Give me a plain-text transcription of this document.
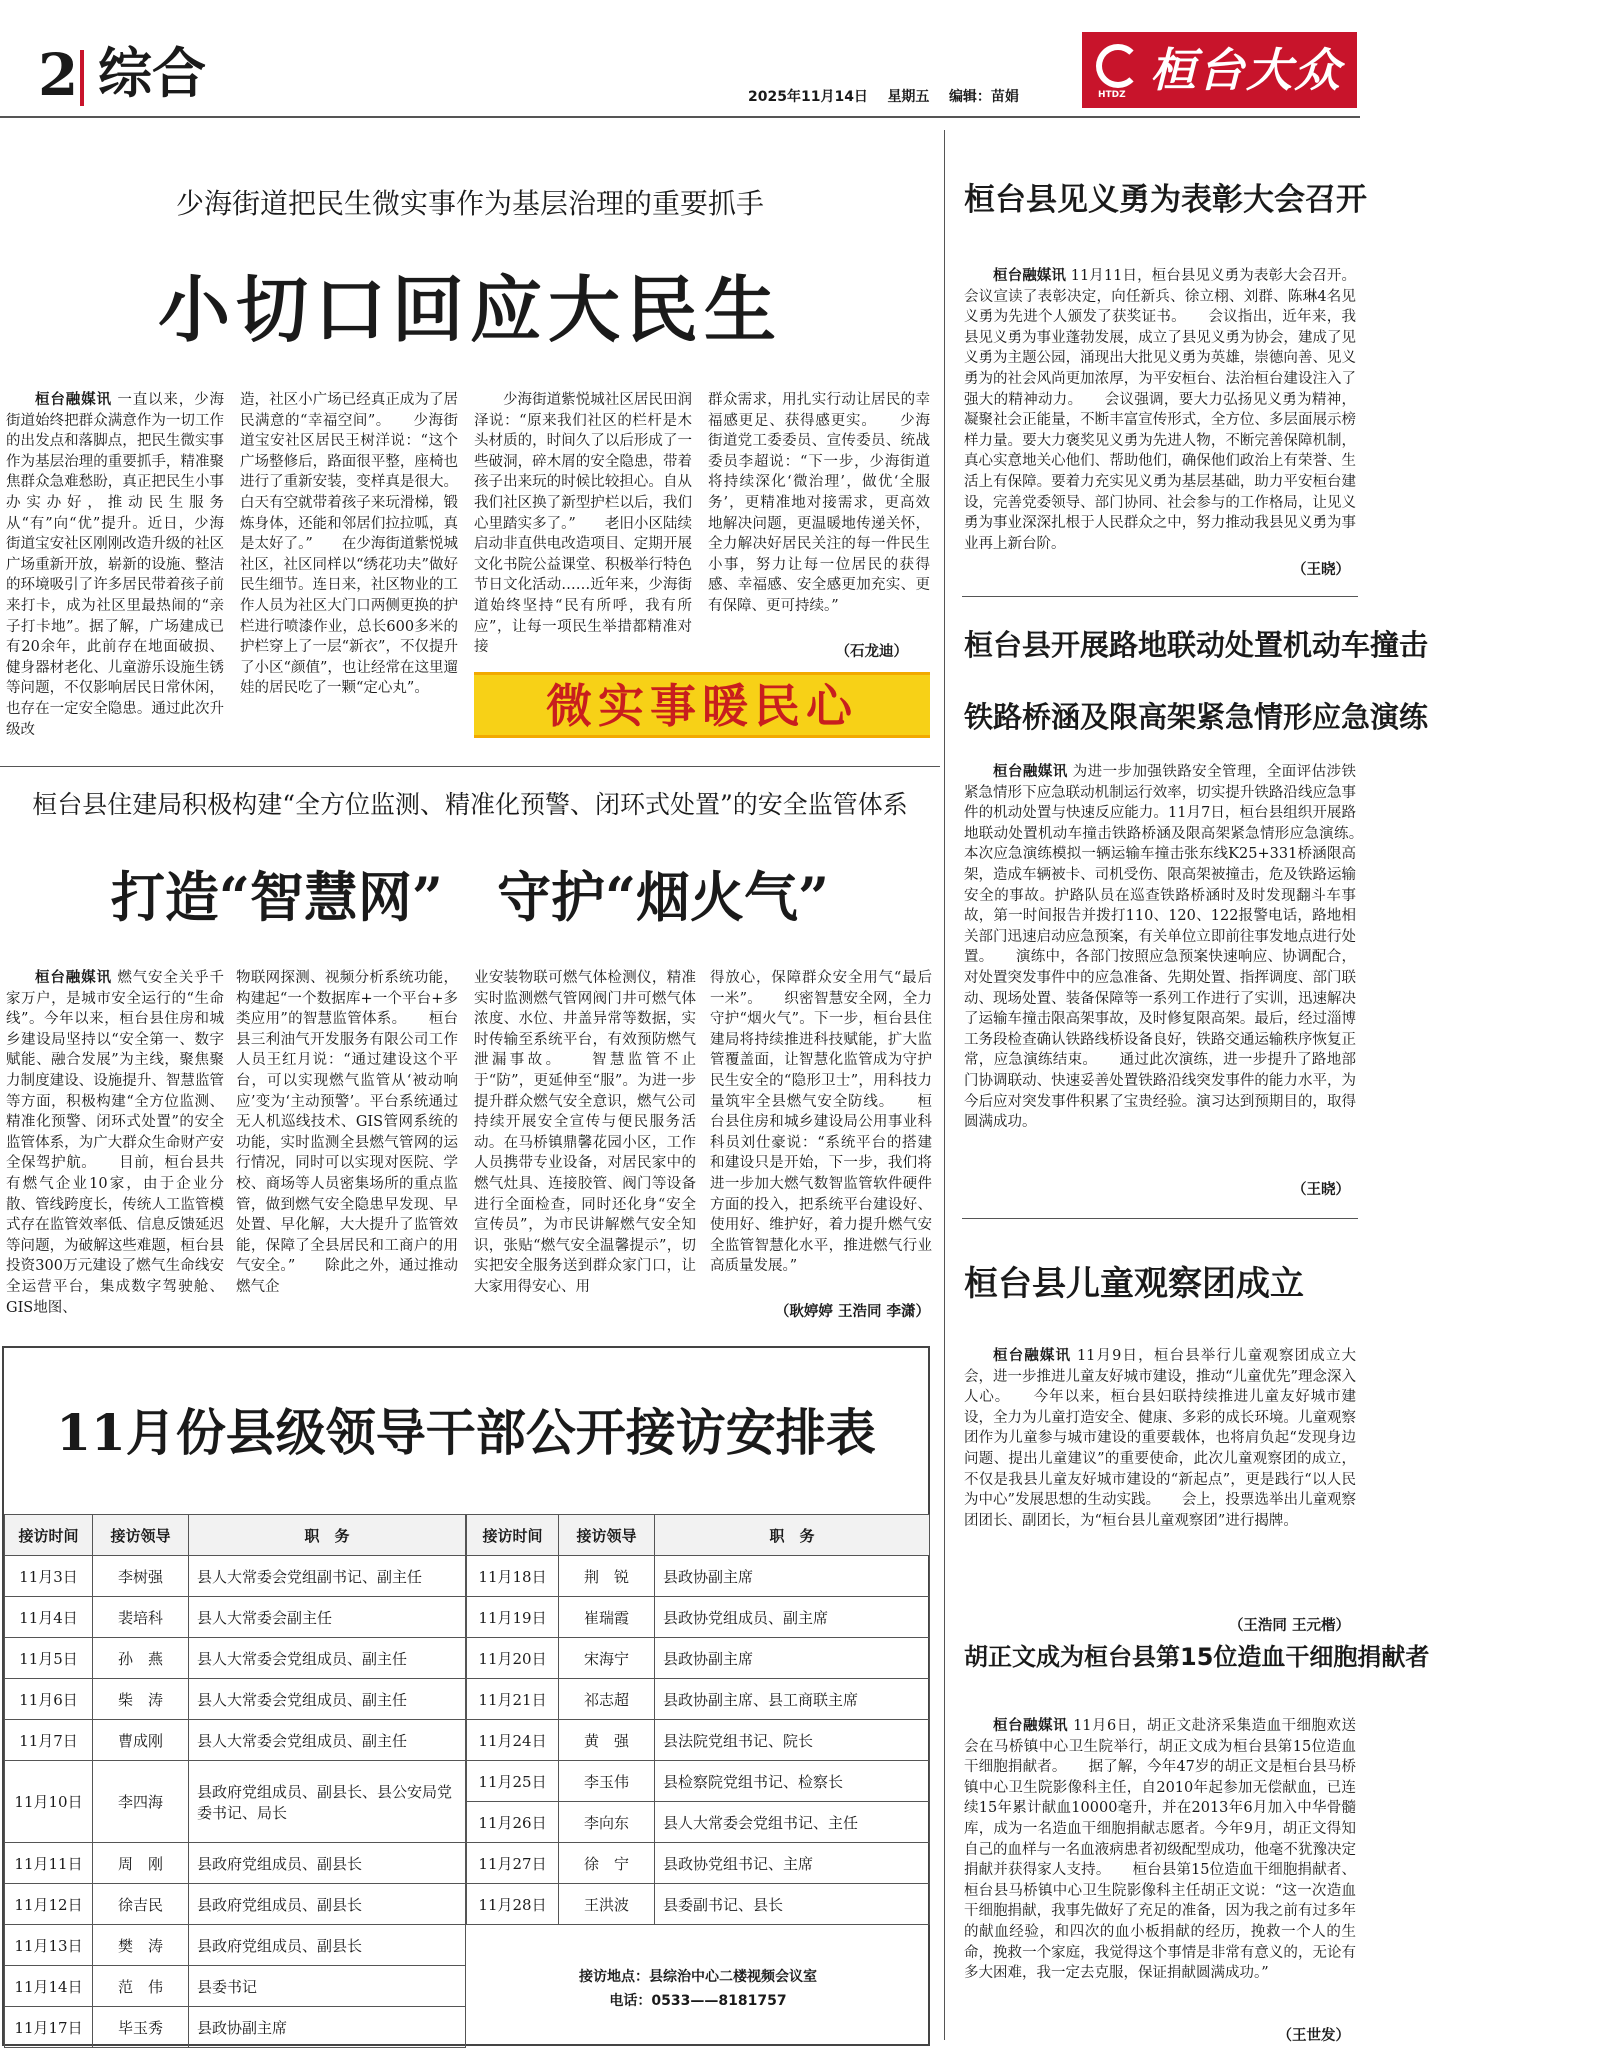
2 综合	2025年11月14日 星期五 编辑：苗娟	HTDZ 桓台大众
少海街道把民生微实事作为基层治理的重要抓手
小切口回应大民生

桓台融媒讯 一直以来，少海街道始终把群众满意作为一切工作的出发点和落脚点，把民生微实事作为基层治理的重要抓手，精准聚焦群众急难愁盼，真正把民生小事办实办好，推动民生服务从“有”向“优”提升。近日，少海街道宝安社区刚刚改造升级的社区广场重新开放，崭新的设施、整洁的环境吸引了许多居民带着孩子前来打卡，成为社区里最热闹的“亲子打卡地”。据了解，广场建成已有20余年，此前存在地面破损、健身器材老化、儿童游乐设施生锈等问题，不仅影响居民日常休闲，也存在一定安全隐患。通过此次升级改

造，社区小广场已经真正成为了居民满意的“幸福空间”。　　少海街道宝安社区居民王树洋说：“这个广场整修后，路面很平整，座椅也进行了重新安装，变样真是很大。白天有空就带着孩子来玩滑梯，锻炼身体，还能和邻居们拉拉呱，真是太好了。”　　在少海街道紫悦城社区，社区同样以“绣花功夫”做好民生细节。连日来，社区物业的工作人员为社区大门口两侧更换的护栏进行喷漆作业，总长600多米的护栏穿上了一层“新衣”，不仅提升了小区“颜值”，也让经常在这里遛娃的居民吃了一颗“定心丸”。

少海街道紫悦城社区居民田润泽说：“原来我们社区的栏杆是木头材质的，时间久了以后形成了一些破洞，碎木屑的安全隐患，带着孩子出来玩的时候比较担心。自从我们社区换了新型护栏以后，我们心里踏实多了。”　　老旧小区陆续启动非直供电改造项目、定期开展文化书院公益课堂、积极举行特色节日文化活动……近年来，少海街道始终坚持“民有所呼，我有所应”，让每一项民生举措都精准对接

群众需求，用扎实行动让居民的幸福感更足、获得感更实。　　少海街道党工委委员、宣传委员、统战委员李超说：“下一步，少海街道将持续深化‘微治理’，做优‘全服务’，更精准地对接需求，更高效地解决问题，更温暖地传递关怀，全力解决好居民关注的每一件民生小事，努力让每一位居民的获得感、幸福感、安全感更加充实、更有保障、更可持续。”

（石龙迪）
微实事暖民心
桓台县住建局积极构建“全方位监测、精准化预警、闭环式处置”的安全监管体系
打造“智慧网”　守护“烟火气”

桓台融媒讯 燃气安全关乎千家万户，是城市安全运行的“生命线”。今年以来，桓台县住房和城乡建设局坚持以“安全第一、数字赋能、融合发展”为主线，聚焦聚力制度建设、设施提升、智慧监管等方面，积极构建“全方位监测、精准化预警、闭环式处置”的安全监管体系，为广大群众生命财产安全保驾护航。　　目前，桓台县共有燃气企业10家，由于企业分散、管线跨度长，传统人工监管模式存在监管效率低、信息反馈延迟等问题，为破解这些难题，桓台县投资300万元建设了燃气生命线安全运营平台，集成数字驾驶舱、GIS地图、

物联网探测、视频分析系统功能，构建起“一个数据库+一个平台+多类应用”的智慧监管体系。　　桓台县三利油气开发服务有限公司工作人员王红月说：“通过建设这个平台，可以实现燃气监管从‘被动响应’变为‘主动预警’。平台系统通过无人机巡线技术、GIS管网系统的功能，实时监测全县燃气管网的运行情况，同时可以实现对医院、学校、商场等人员密集场所的重点监管，做到燃气安全隐患早发现、早处置、早化解，大大提升了监管效能，保障了全县居民和工商户的用气安全。”　　除此之外，通过推动燃气企

业安装物联可燃气体检测仪，精准实时监测燃气管网阀门井可燃气体浓度、水位、井盖异常等数据，实时传输至系统平台，有效预防燃气泄漏事故。　　智慧监管不止于“防”，更延伸至“服”。为进一步提升群众燃气安全意识，燃气公司持续开展安全宣传与便民服务活动。在马桥镇鼎馨花园小区，工作人员携带专业设备，对居民家中的燃气灶具、连接胶管、阀门等设备进行全面检查，同时还化身“安全宣传员”，为市民讲解燃气安全知识，张贴“燃气安全温馨提示”，切实把安全服务送到群众家门口，让大家用得安心、用

得放心，保障群众安全用气“最后一米”。　　织密智慧安全网，全力守护“烟火气”。下一步，桓台县住建局将持续推进科技赋能，扩大监管覆盖面，让智慧化监管成为守护民生安全的“隐形卫士”，用科技力量筑牢全县燃气安全防线。　　桓台县住房和城乡建设局公用事业科科员刘仕豪说：“系统平台的搭建和建设只是开始，下一步，我们将进一步加大燃气数智监管软件硬件方面的投入，把系统平台建设好、使用好、维护好，着力提升燃气安全监管智慧化水平，推进燃气行业高质量发展。”

（耿婷婷 王浩同 李潇）
11月份县级领导干部公开接访安排表
接访时间	接访领导	职　务
11月3日	李树强	县人大常委会党组副书记、副主任
11月4日	裴培科	县人大常委会副主任
11月5日	孙　燕	县人大常委会党组成员、副主任
11月6日	柴　涛	县人大常委会党组成员、副主任
11月7日	曹成刚	县人大常委会党组成员、副主任
11月10日	李四海	县政府党组成员、副县长、县公安局党委书记、局长
11月11日	周　刚	县政府党组成员、副县长
11月12日	徐吉民	县政府党组成员、副县长
11月13日	樊　涛	县政府党组成员、副县长
11月14日	范　伟	县委书记
11月17日	毕玉秀	县政协副主席
接访时间	接访领导	职　务
11月18日	荆　锐	县政协副主席
11月19日	崔瑞霞	县政协党组成员、副主席
11月20日	宋海宁	县政协副主席
11月21日	祁志超	县政协副主席、县工商联主席
11月24日	黄　强	县法院党组书记、院长
11月25日	李玉伟	县检察院党组书记、检察长
11月26日	李向东	县人大常委会党组书记、主任
11月27日	徐　宁	县政协党组书记、主席
11月28日	王洪波	县委副书记、县长
接访地点：县综治中心二楼视频会议室
电话：0533——8181757
桓台县见义勇为表彰大会召开

桓台融媒讯 11月11日，桓台县见义勇为表彰大会召开。会议宣读了表彰决定，向任新兵、徐立栩、刘群、陈琳4名见义勇为先进个人颁发了获奖证书。　　会议指出，近年来，我县见义勇为事业蓬勃发展，成立了县见义勇为协会，建成了见义勇为主题公园，涌现出大批见义勇为英雄，崇德向善、见义勇为的社会风尚更加浓厚，为平安桓台、法治桓台建设注入了强大的精神动力。　　会议强调，要大力弘扬见义勇为精神，凝聚社会正能量，不断丰富宣传形式，全方位、多层面展示榜样力量。要大力褒奖见义勇为先进人物，不断完善保障机制，真心实意地关心他们、帮助他们，确保他们政治上有荣誉、生活上有保障。要着力充实见义勇为基层基础，助力平安桓台建设，完善党委领导、部门协同、社会参与的工作格局，让见义勇为事业深深扎根于人民群众之中，努力推动我县见义勇为事业再上新台阶。

（王晓）
桓台县开展路地联动处置机动车撞击
铁路桥涵及限高架紧急情形应急演练

桓台融媒讯 为进一步加强铁路安全管理，全面评估涉铁紧急情形下应急联动机制运行效率，切实提升铁路沿线应急事件的机动处置与快速反应能力。11月7日，桓台县组织开展路地联动处置机动车撞击铁路桥涵及限高架紧急情形应急演练。　　本次应急演练模拟一辆运输车撞击张东线K25+331桥涵限高架，造成车辆被卡、司机受伤、限高架被撞击，危及铁路运输安全的事故。护路队员在巡查铁路桥涵时及时发现翻斗车事故，第一时间报告并拨打110、120、122报警电话，路地相关部门迅速启动应急预案，有关单位立即前往事发地点进行处置。　　演练中，各部门按照应急预案快速响应、协调配合，对处置突发事件中的应急准备、先期处置、指挥调度、部门联动、现场处置、装备保障等一系列工作进行了实训，迅速解决了运输车撞击限高架事故，及时修复限高架。最后，经过淄博工务段检查确认铁路线桥设备良好，铁路交通运输秩序恢复正常，应急演练结束。　　通过此次演练，进一步提升了路地部门协调联动、快速妥善处置铁路沿线突发事件的能力水平，为今后应对突发事件积累了宝贵经验。演习达到预期目的，取得圆满成功。

（王晓）
桓台县儿童观察团成立

桓台融媒讯 11月9日，桓台县举行儿童观察团成立大会，进一步推进儿童友好城市建设，推动“儿童优先”理念深入人心。　　今年以来，桓台县妇联持续推进儿童友好城市建设，全力为儿童打造安全、健康、多彩的成长环境。儿童观察团作为儿童参与城市建设的重要载体，也将肩负起“发现身边问题、提出儿童建议”的重要使命，此次儿童观察团的成立，不仅是我县儿童友好城市建设的“新起点”，更是践行“以人民为中心”发展思想的生动实践。　　会上，投票选举出儿童观察团团长、副团长，为“桓台县儿童观察团”进行揭牌。

（王浩同 王元楷）
胡正文成为桓台县第15位造血干细胞捐献者

桓台融媒讯 11月6日，胡正文赴济采集造血干细胞欢送会在马桥镇中心卫生院举行，胡正文成为桓台县第15位造血干细胞捐献者。　　据了解，今年47岁的胡正文是桓台县马桥镇中心卫生院影像科主任，自2010年起参加无偿献血，已连续15年累计献血10000毫升，并在2013年6月加入中华骨髓库，成为一名造血干细胞捐献志愿者。今年9月，胡正文得知自己的血样与一名血液病患者初级配型成功，他毫不犹豫决定捐献并获得家人支持。　　桓台县第15位造血干细胞捐献者、桓台县马桥镇中心卫生院影像科主任胡正文说：“这一次造血干细胞捐献，我事先做好了充足的准备，因为我之前有过多年的献血经验，和四次的血小板捐献的经历，挽救一个人的生命，挽救一个家庭，我觉得这个事情是非常有意义的，无论有多大困难，我一定去克服，保证捐献圆满成功。”

（王世发）
